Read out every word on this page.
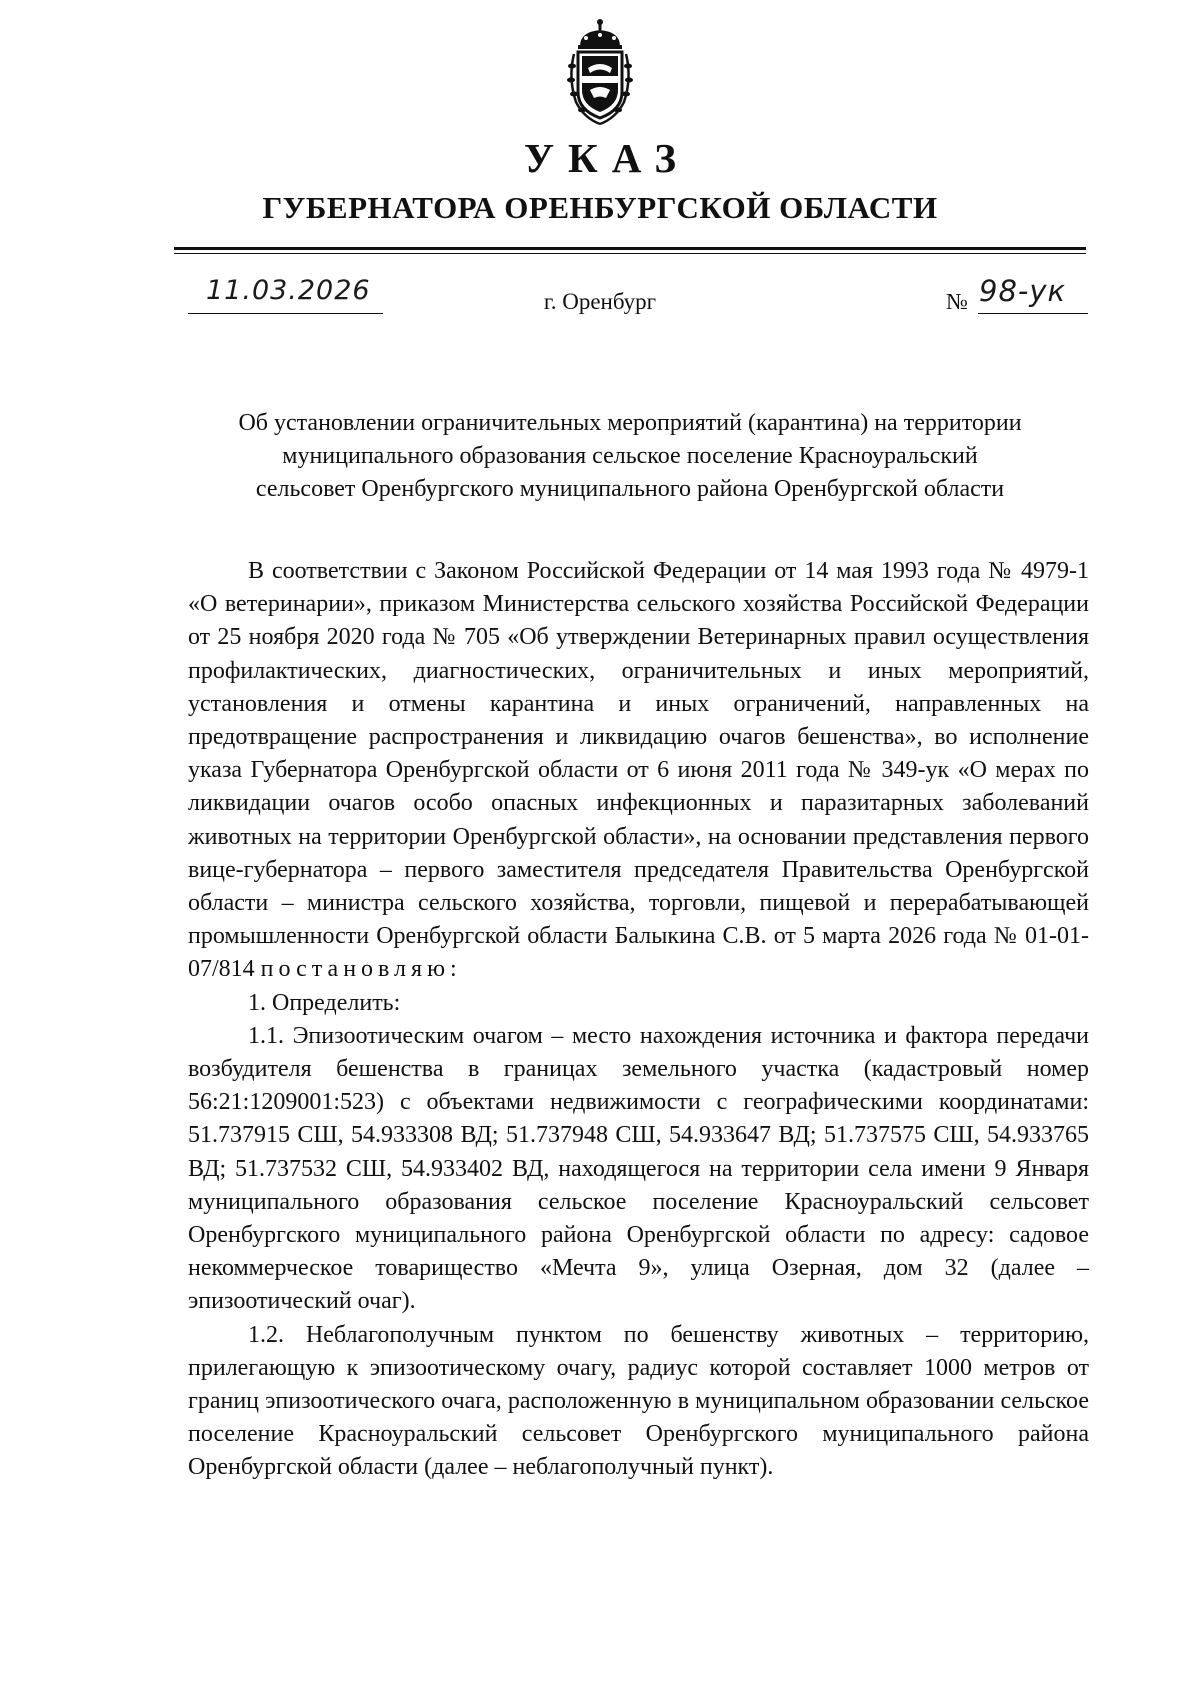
УКАЗ
ГУБЕРНАТОРА ОРЕНБУРГСКОЙ ОБЛАСТИ
11.03.2026	г. Оренбург	№ 98-ук
Об установлении ограничительных мероприятий (карантина) на территории
муниципального образования сельское поселение Красноуральский
сельсовет Оренбургского муниципального района Оренбургской области

В соответствии с Законом Российской Федерации от 14 мая 1993 года № 4979-1 «О ветеринарии», приказом Министерства сельского хозяйства Российской Федерации от 25 ноября 2020 года № 705 «Об утверждении Ветеринарных правил осуществления профилактических, диагностических, ограничительных и иных мероприятий, установления и отмены карантина и иных ограничений, направленных на предотвращение распространения и ликвидацию очагов бешенства», во исполнение указа Губернатора Оренбургской области от 6 июня 2011 года № 349-ук «О мерах по ликвидации очагов особо опасных инфекционных и паразитарных заболеваний животных на территории Оренбургской области», на основании представления первого вице-губернатора – первого заместителя председателя Правительства Оренбургской области – министра сельского хозяйства, торговли, пищевой и перерабатывающей промышленности Оренбургской области Балыкина С.В. от 5 марта 2026 года № 01-01-07/814 постановляю:

1. Определить:

1.1. Эпизоотическим очагом – место нахождения источника и фактора передачи возбудителя бешенства в границах земельного участка (кадастровый номер 56:21:1209001:523) с объектами недвижимости с географическими координатами: 51.737915 СШ, 54.933308 ВД; 51.737948 СШ, 54.933647 ВД; 51.737575 СШ, 54.933765 ВД; 51.737532 СШ, 54.933402 ВД, находящегося на территории села имени 9 Января муниципального образования сельское поселение Красноуральский сельсовет Оренбургского муниципального района Оренбургской области по адресу: садовое некоммерческое товарищество «Мечта 9», улица Озерная, дом 32 (далее – эпизоотический очаг).

1.2. Неблагополучным пунктом по бешенству животных – территорию, прилегающую к эпизоотическому очагу, радиус которой составляет 1000 метров от границ эпизоотического очага, расположенную в муниципальном образовании сельское поселение Красноуральский сельсовет Оренбургского муниципального района Оренбургской области (далее – неблагополучный пункт).
